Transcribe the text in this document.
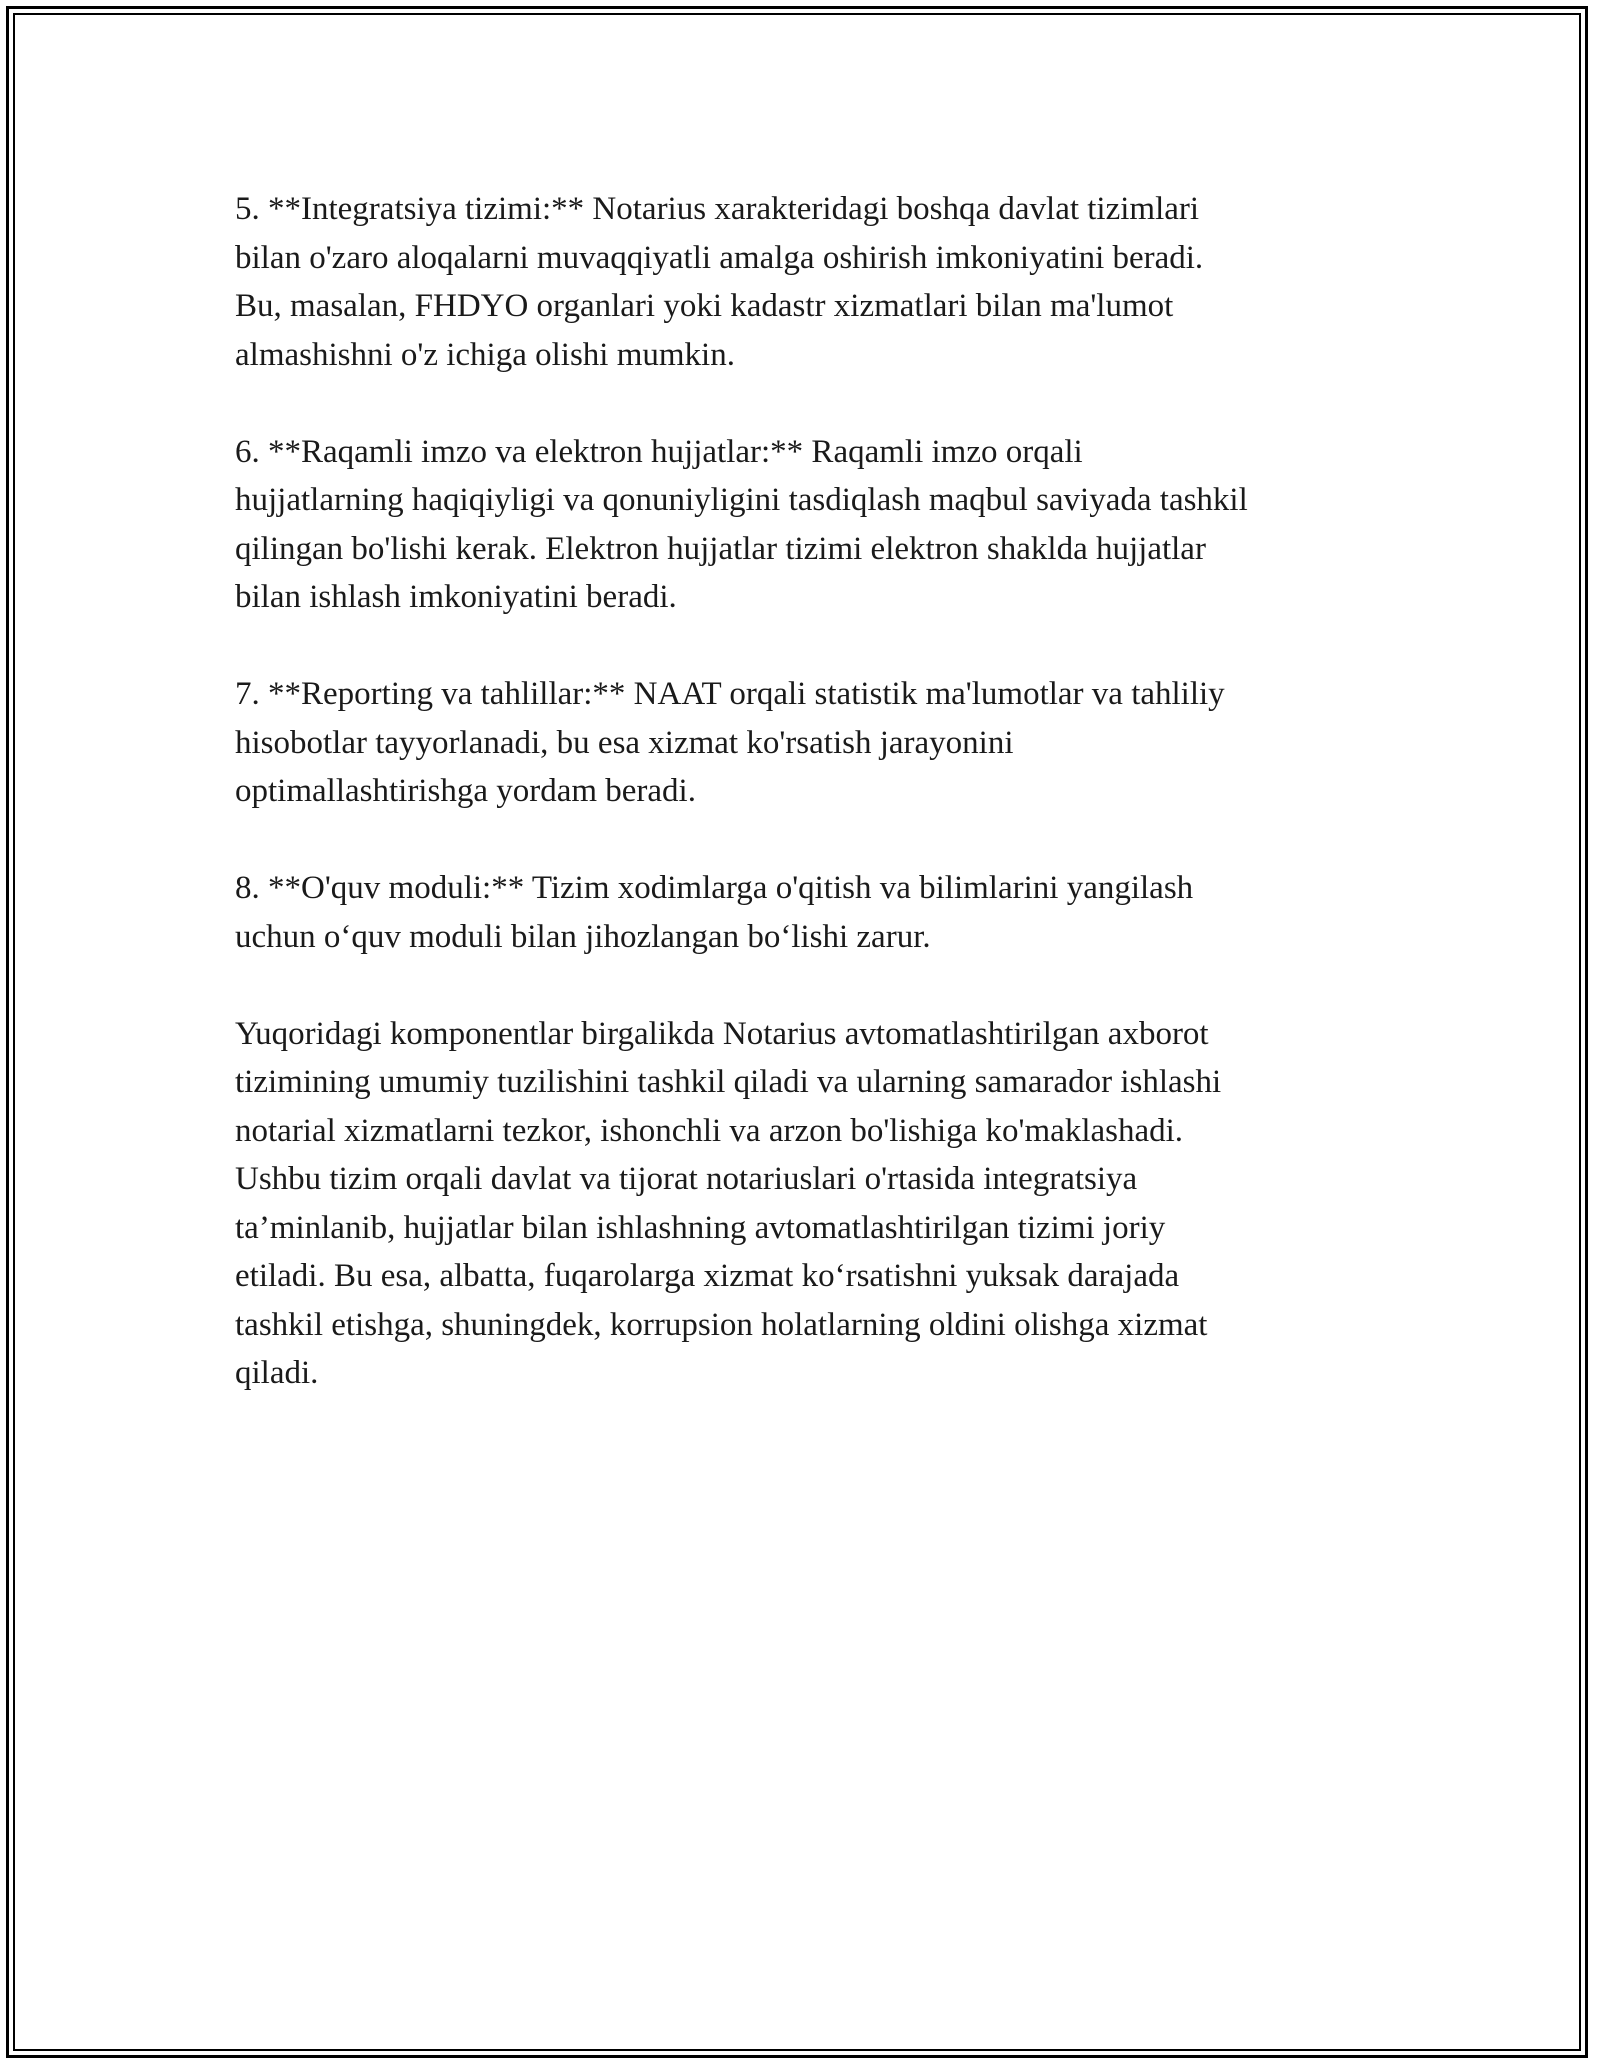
5. **Integratsiya tizimi:** Notarius xarakteridagi boshqa davlat tizimlari
bilan o'zaro aloqalarni muvaqqiyatli amalga oshirish imkoniyatini beradi.
Bu, masalan, FHDYO organlari yoki kadastr xizmatlari bilan ma'lumot
almashishni o'z ichiga olishi mumkin.

6. **Raqamli imzo va elektron hujjatlar:** Raqamli imzo orqali
hujjatlarning haqiqiyligi va qonuniyligini tasdiqlash maqbul saviyada tashkil
qilingan bo'lishi kerak. Elektron hujjatlar tizimi elektron shaklda hujjatlar
bilan ishlash imkoniyatini beradi.

7. **Reporting va tahlillar:** NAAT orqali statistik ma'lumotlar va tahliliy
hisobotlar tayyorlanadi, bu esa xizmat ko'rsatish jarayonini
optimallashtirishga yordam beradi.

8. **O'quv moduli:** Tizim xodimlarga o'qitish va bilimlarini yangilash
uchun o‘quv moduli bilan jihozlangan bo‘lishi zarur.

Yuqoridagi komponentlar birgalikda Notarius avtomatlashtirilgan axborot
tizimining umumiy tuzilishini tashkil qiladi va ularning samarador ishlashi
notarial xizmatlarni tezkor, ishonchli va arzon bo'lishiga ko'maklashadi.
Ushbu tizim orqali davlat va tijorat notariuslari o'rtasida integratsiya
ta’minlanib, hujjatlar bilan ishlashning avtomatlashtirilgan tizimi joriy
etiladi. Bu esa, albatta, fuqarolarga xizmat ko‘rsatishni yuksak darajada
tashkil etishga, shuningdek, korrupsion holatlarning oldini olishga xizmat
qiladi.
